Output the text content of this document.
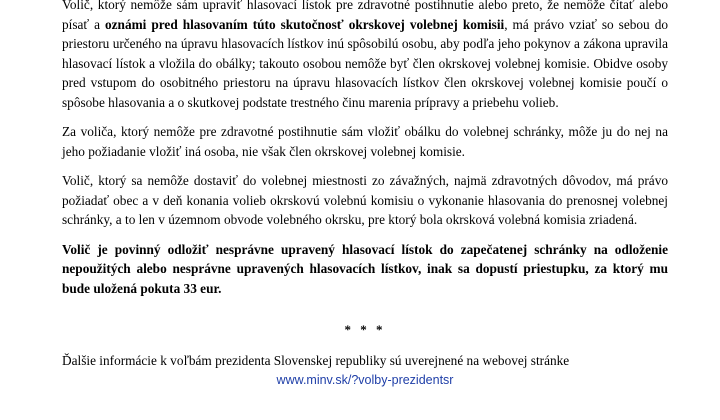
Volič, ktorý nemôže sám upraviť hlasovací lístok pre zdravotné postihnutie alebo preto, že nemôže čítať alebo písať a oznámi pred hlasovaním túto skutočnosť okrskovej volebnej komisii, má právo vziať so sebou do priestoru určeného na úpravu hlasovacích lístkov inú spôsobilú osobu, aby podľa jeho pokynov a zákona upravila hlasovací lístok a vložila do obálky; takouto osobou nemôže byť člen okrskovej volebnej komisie. Obidve osoby pred vstupom do osobitného priestoru na úpravu hlasovacích lístkov člen okrskovej volebnej komisie poučí o spôsobe hlasovania a o skutkovej podstate trestného činu marenia prípravy a priebehu volieb.

Za voliča, ktorý nemôže pre zdravotné postihnutie sám vložiť obálku do volebnej schránky, môže ju do nej na jeho požiadanie vložiť iná osoba, nie však člen okrskovej volebnej komisie.

Volič, ktorý sa nemôže dostaviť do volebnej miestnosti zo závažných, najmä zdravotných dôvodov, má právo požiadať obec a v deň konania volieb okrskovú volebnú komisiu o vykonanie hlasovania do prenosnej volebnej schránky, a to len v územnom obvode volebného okrsku, pre ktorý bola okrsková volebná komisia zriadená.

Volič je povinný odložiť nesprávne upravený hlasovací lístok do zapečatenej schránky na odloženie nepoužitých alebo nesprávne upravených hlasovacích lístkov, inak sa dopustí priestupku, za ktorý mu bude uložená pokuta 33 eur.

* * *

Ďalšie informácie k voľbám prezidenta Slovenskej republiky sú uverejnené na webovej stránke

www.minv.sk/?volby-prezidentsr
